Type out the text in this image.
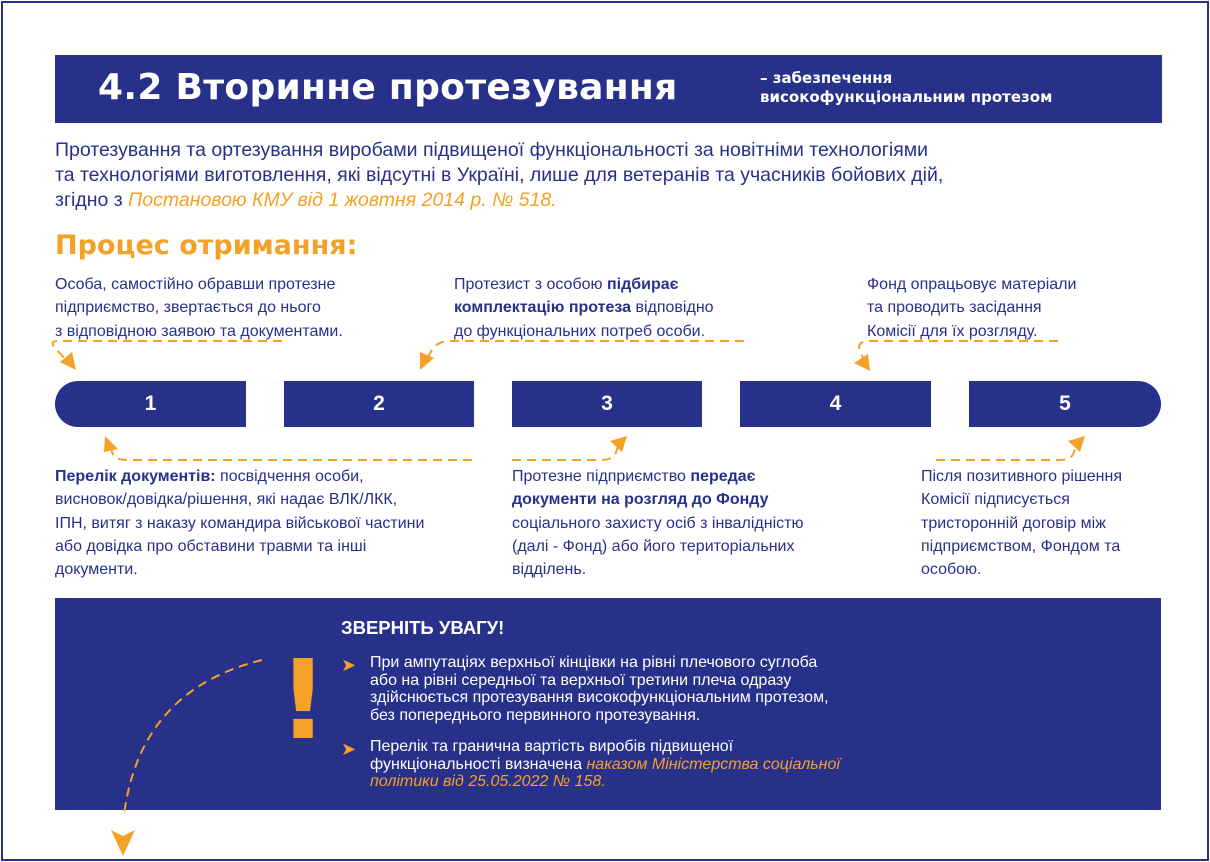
4.2 Вторинне протезування	– забезпечення
високофункціональним протезом
Протезування та ортезування виробами підвищеної функціональності за новітніми технологіями
та технологіями виготовлення, які відсутні в Україні, лише для ветеранів та учасників бойових дій,
згідно з Постановою КМУ від 1 жовтня 2014 р. № 518.
Процес отримання:
Особа, самостійно обравши протезне
підприємство, звертається до нього
з відповідною заявою та документами.
Протезист з особою підбирає
комплектацію протеза відповідно
до функціональних потреб особи.
Фонд опрацьовує матеріали
та проводить засідання
Комісії для їх розгляду.
1	2	3	4	5
Перелік документів: посвідчення особи,
висновок/довідка/рішення, які надає ВЛК/ЛКК,
ІПН, витяг з наказу командира військової частини
або довідка про обставини травми та інші
документи.
Протезне підприємство передає
документи на розгляд до Фонду
соціального захисту осіб з інвалідністю
(далі - Фонд) або його територіальних
відділень.
Після позитивного рішення
Комісії підписується
тристоронній договір між
підприємством, Фондом та
особою.
!
ЗВЕРНІТЬ УВАГУ!
➤ При ампутаціях верхньої кінцівки на рівні плечового суглоба
або на рівні середньої та верхньої третини плеча одразу
здійснюється протезування високофункціональним протезом,
без попереднього первинного протезування.
➤ Перелік та гранична вартість виробів підвищеної
функціональності визначена наказом Міністерства соціальної
політики від 25.05.2022 № 158.
